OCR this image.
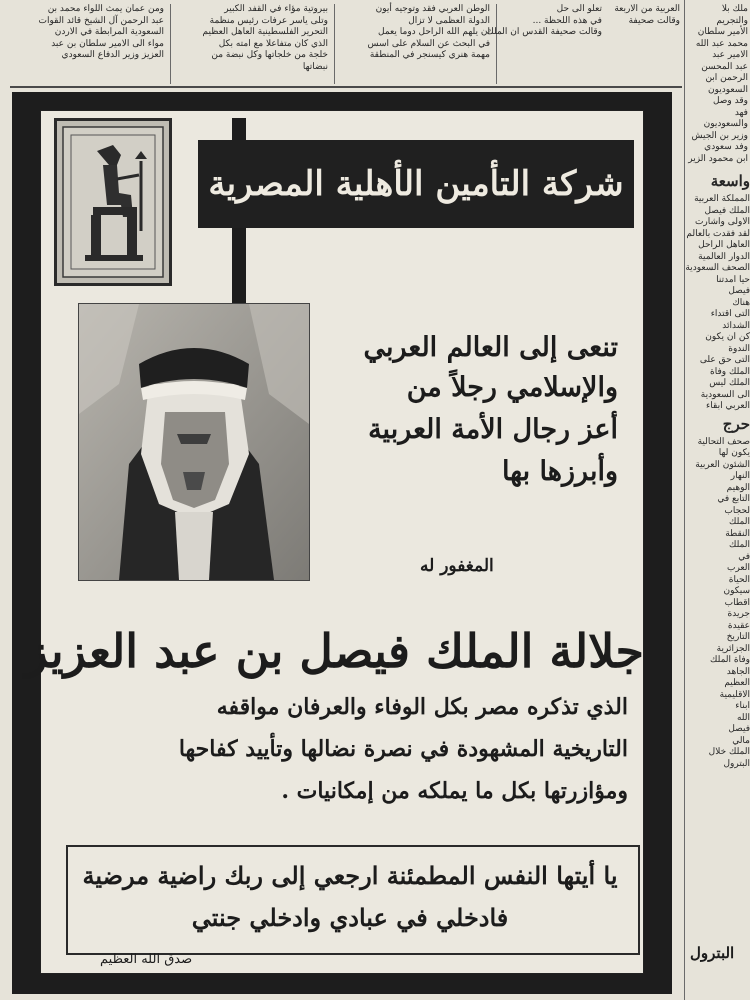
ومن عمان يمث اللواء محمد بن

عبد الرحمن آل الشيخ قائد القوات

السعودية المرابطة في الاردن

مواء الى الامير سلطان بن عبد

العزيز وزير الدفاع السعودي

بيروتية مؤاء في القفد الكبير

وتلى ياسر عرفات رئيس منظمة

التحرير الفلسطينية العاهل العظيم

الذي كان متفاعلا مع امته بكل

خلجة من خلجاتها وكل نبضة من

نبضاتها

الوطن العربي فقد وتوجيه أيون

الدولة العظمى لا تزال

ان يلهم الله الراحل دوما يعمل

في البحث عن السلام على اسس

مهمة هنري كيسنجر في المنطقة

تعلو الى حل

في هذه اللحظة ...

وقالت صحيفة القدس ان الملك

العربية من الاربعة

وقالت صحيفة

ملك بلا

والتجريم

الأمير سلطان

محمد عبد الله

الامير عبد

عبد المحسن

الرحمن ابن

السعوديون

وقد وصل

فهد

والسعوديون

وزير بن الجيش

وفد سعودي

ابن محمود الزير

واسعة

المملكة العربية

الملك فيصل

الاولى واشارت

لقد فقدت بالعالم

العاهل الراحل

الدوار العالمية

الصحف السعودية

حيا امدتنا

فيصل

هناك

التى اقتداء

الشدائد

كن ان يكون

الندوة

التى حق على

الملك وفاة

الملك ليس

الى السعودية

العربي ابقاء

حرج

صحف التحالية

يكون لها

الشئون العربية

النهار

الوهيم

التابع في

لحجاب

الملك

النقطة

الملك

في

العرب

الحياة

سيكون

اقطاب

جريدة

عقيدة

التاريخ

الجزائرية

وفاة الملك

الجاهد

العظيم

الاقليمية

ابناء

الله

فيصل

مالي

الملك خلال

البترول

البترول
شركة التأمين الأهلية المصرية
تنعى إلى العالم العربي
والإسلامي رجلاً من
أعز رجال الأمة العربية
وأبرزها بها
المغفور له
جلالة الملك فيصل بن عبد العزيز
الذي تذكره مصر بكل الوفاء والعرفان مواقفه
التاريخية المشهودة في نصرة نضالها وتأييد كفاحها
ومؤازرتها بكل ما يملكه من إمكانيات .
يا أيتها النفس المطمئنة ارجعي إلى ربك راضية مرضية
فادخلي في عبادي وادخلي جنتي
صدق الله العظيم
